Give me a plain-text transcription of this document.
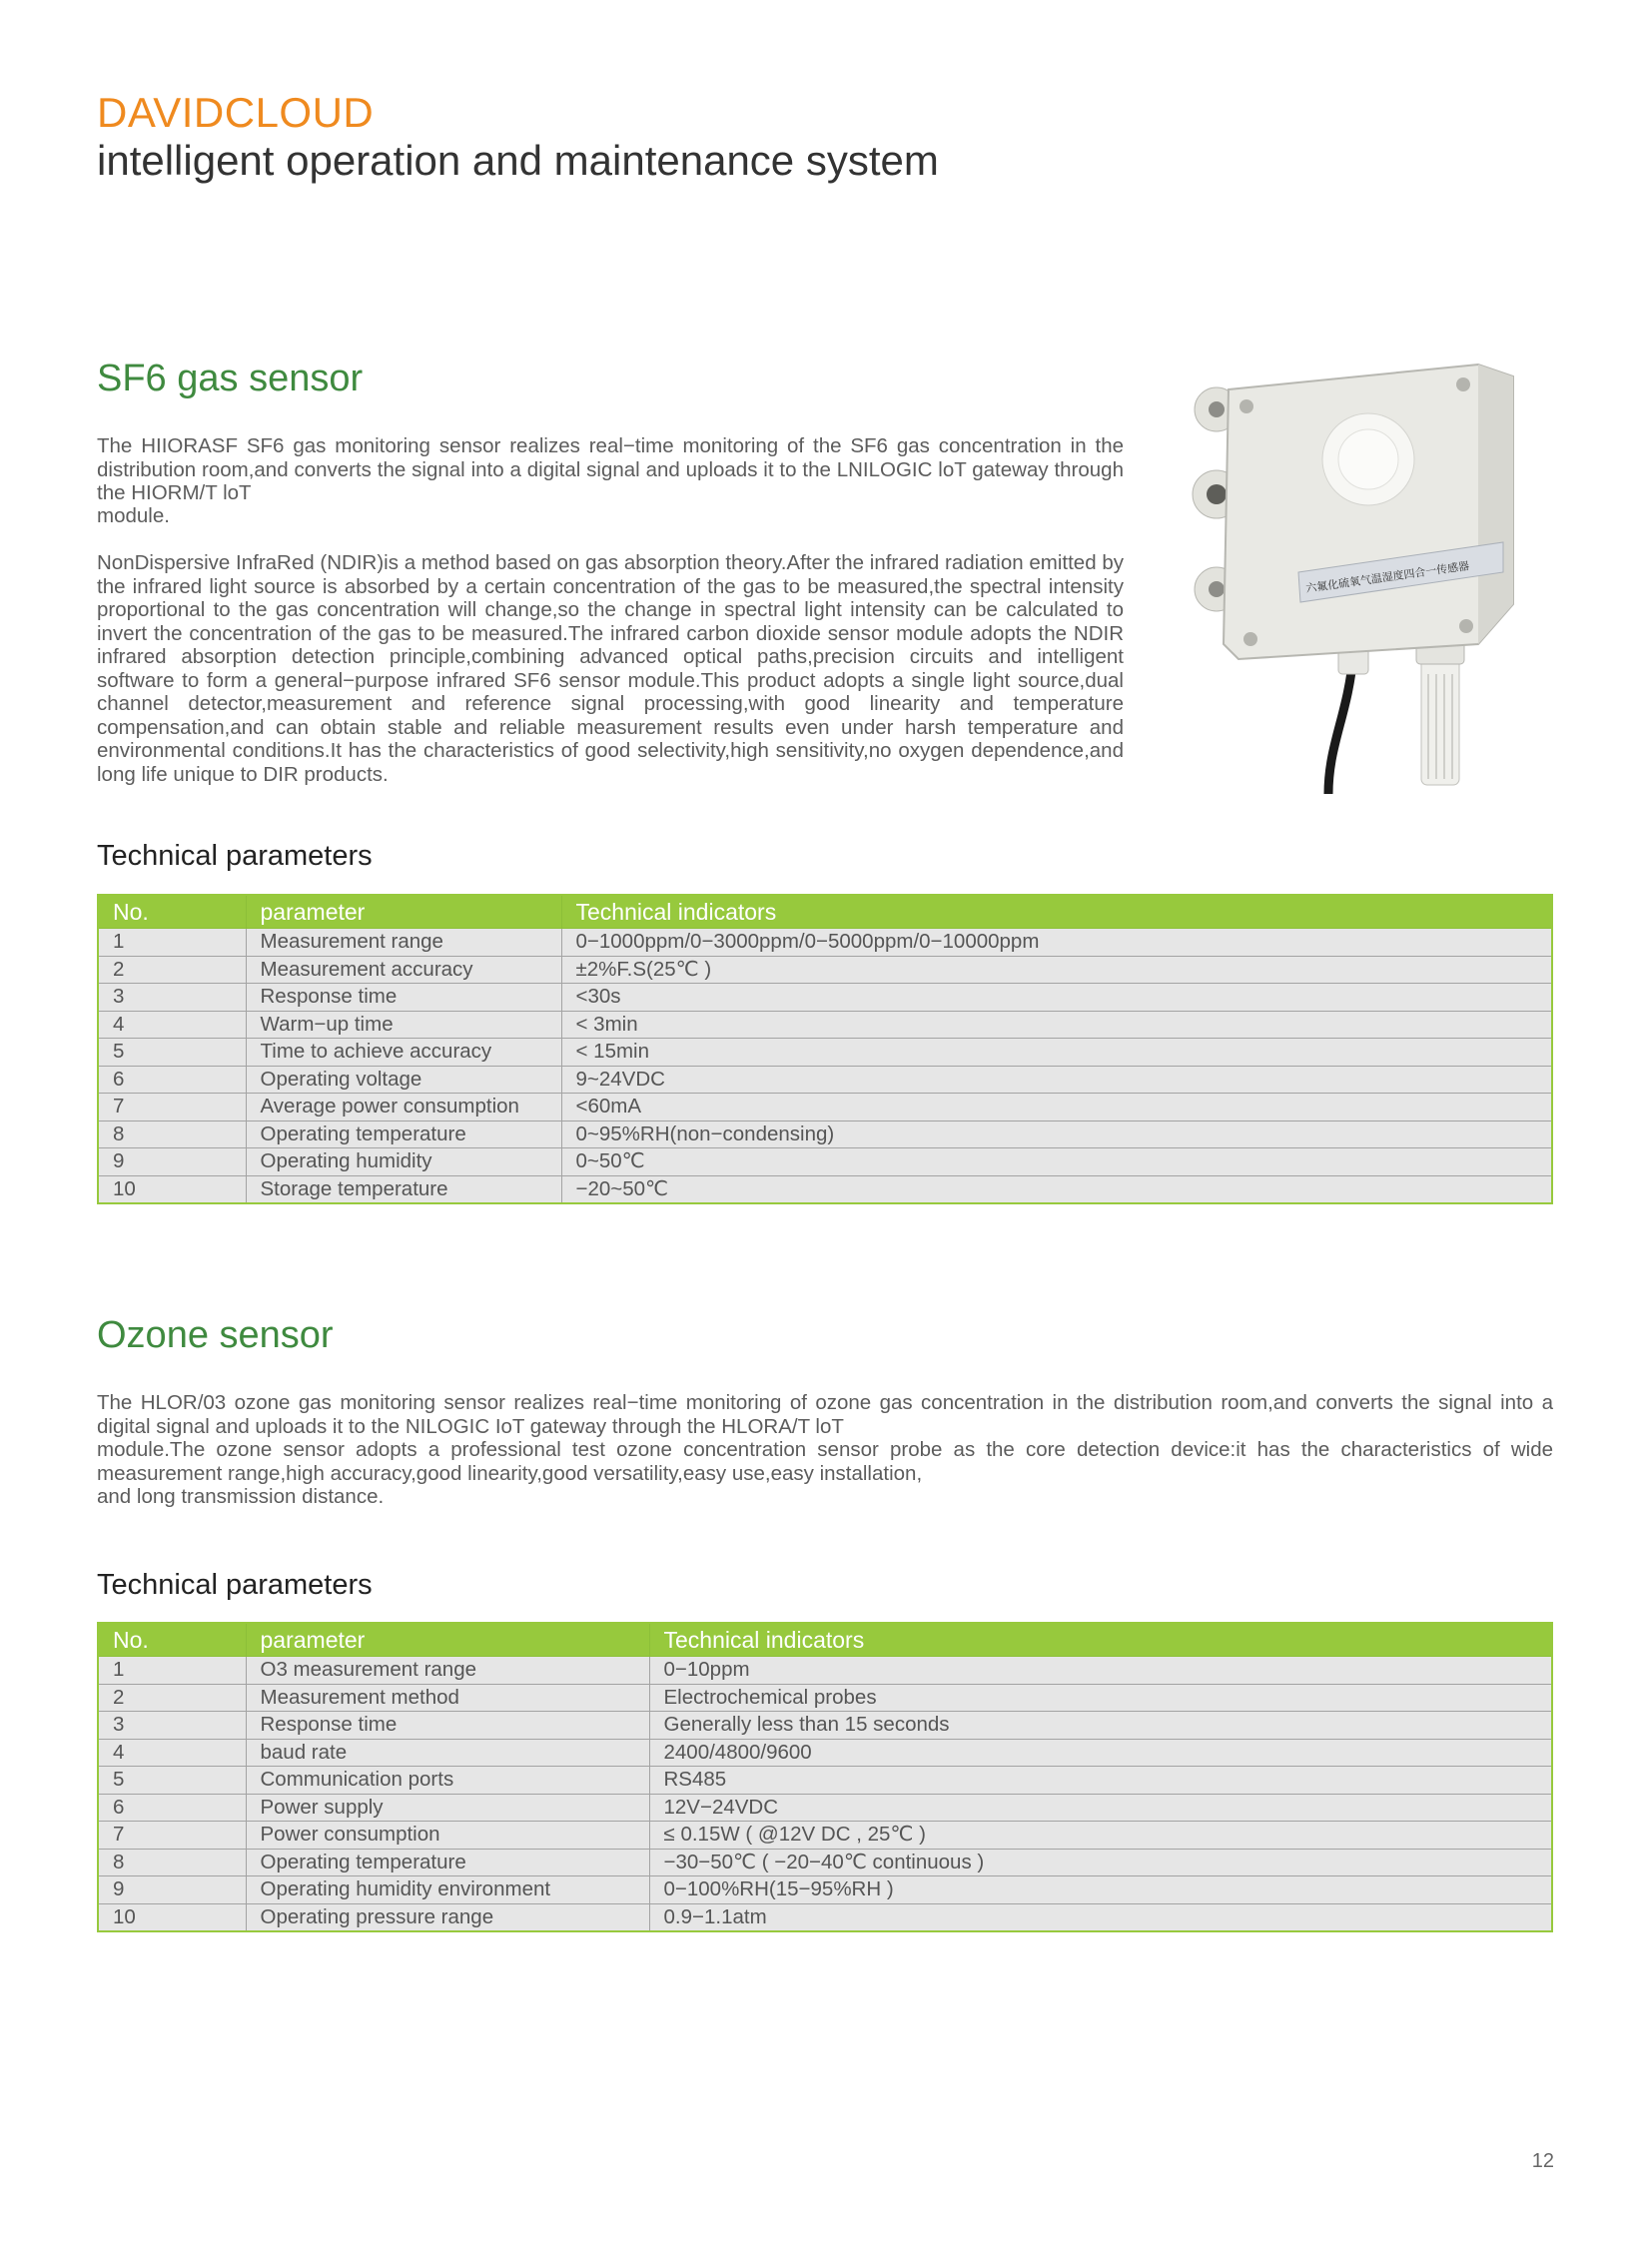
DAVIDCLOUD
intelligent operation and maintenance system
SF6 gas sensor

The HIIORASF SF6 gas monitoring sensor realizes real−time monitoring of the SF6 gas concentration in the distribution room,and converts the signal into a digital signal and uploads it to the LNILOGIC loT gateway through the HIORM/T loT

module.

NonDispersive InfraRed (NDIR)is a method based on gas absorption theory.After the infrared radiation emitted by the infrared light source is absorbed by a certain concentration of the gas to be measured,the spectral intensity proportional to the gas concentration will change,so the change in spectral light intensity can be calculated to invert the concentration of the gas to be measured.The infrared carbon dioxide sensor module adopts the NDIR infrared absorption detection principle,combining advanced optical paths,precision circuits and intelligent software to form a general−purpose infrared SF6 sensor module.This product adopts a single light source,dual channel detector,measurement and reference signal processing,with good linearity and temperature compensation,and can obtain stable and reliable measurement results even under harsh temperature and environmental conditions.It has the characteristics of good selectivity,high sensitivity,no oxygen dependence,and long life unique to DIR products.

六氟化硫氧气温湿度四合一传感器
Technical parameters
No.	parameter	Technical indicators
1	Measurement range	0−1000ppm/0−3000ppm/0−5000ppm/0−10000ppm
2	Measurement accuracy	±2%F.S(25℃ )
3	Response time	<30s
4	Warm−up time	< 3min
5	Time to achieve accuracy	< 15min
6	Operating voltage	9~24VDC
7	Average power consumption	<60mA
8	Operating temperature	0~95%RH(non−condensing)
9	Operating humidity	0~50℃
10	Storage temperature	−20~50℃
Ozone sensor

The HLOR/03 ozone gas monitoring sensor realizes real−time monitoring of ozone gas concentration in the distribution room,and converts the signal into a digital signal and uploads it to the NILOGIC IoT gateway through the HLORA/T loT

module.The ozone sensor adopts a professional test ozone concentration sensor probe as the core detection device:it has the characteristics of wide measurement range,high accuracy,good linearity,good versatility,easy use,easy installation,

and long transmission distance.

Technical parameters
No.	parameter	Technical indicators
1	O3 measurement range	0−10ppm
2	Measurement method	Electrochemical probes
3	Response time	Generally less than 15 seconds
4	baud rate	2400/4800/9600
5	Communication ports	RS485
6	Power supply	12V−24VDC
7	Power consumption	≤ 0.15W ( @12V DC , 25℃ )
8	Operating temperature	−30−50℃ ( −20−40℃ continuous )
9	Operating humidity environment	0−100%RH(15−95%RH )
10	Operating pressure range	0.9−1.1atm
12
